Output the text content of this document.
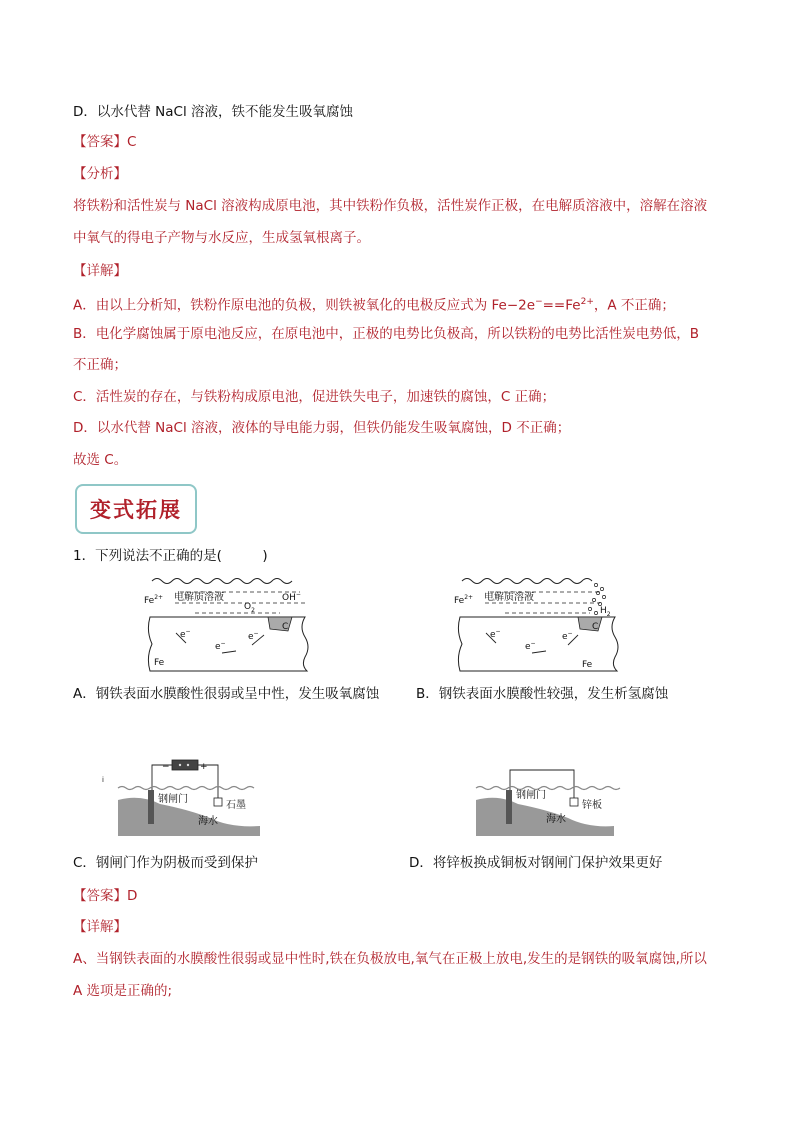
D．以水代替 NaCl 溶液，铁不能发生吸氧腐蚀
【答案】C
【分析】
将铁粉和活性炭与 NaCl 溶液构成原电池，其中铁粉作负极，活性炭作正极，在电解质溶液中，溶解在溶液
中氧气的得电子产物与水反应，生成氢氧根离子。
【详解】
A．由以上分析知，铁粉作原电池的负极，则铁被氧化的电极反应式为 $Fe-2e^-==Fe^{2+}$，A 不正确；
B．电化学腐蚀属于原电池反应，在原电池中，正极的电势比负极高，所以铁粉的电势比活性炭电势低，B
不正确；
C．活性炭的存在，与铁粉构成原电池，促进铁失电子，加速铁的腐蚀，C 正确；
D．以水代替 NaCl 溶液，液体的导电能力弱，但铁仍能发生吸氧腐蚀，D 不正确；
故选 C。
变式拓展
1．下列说法不正确的是(　　　)
C
$Fe^{2+}$ 电解质溶液
$O_2$
OH−
e−
e−
e−
Fe
C
$Fe^{2+}$ 电解质溶液
$H_2$
e−
e−
e−
Fe
A．钢铁表面水膜酸性很弱或呈中性，发生吸氧腐蚀	B．钢铁表面水膜酸性较强，发生析氢腐蚀
i
−	+
钢闸门
石墨
海水
钢闸门
锌板
海水
C．钢闸门作为阴极而受到保护	D．将锌板换成铜板对钢闸门保护效果更好
【答案】D
【详解】
A、当钢铁表面的水膜酸性很弱或显中性时,铁在负极放电,氧气在正极上放电,发生的是钢铁的吸氧腐蚀,所以
A 选项是正确的;
